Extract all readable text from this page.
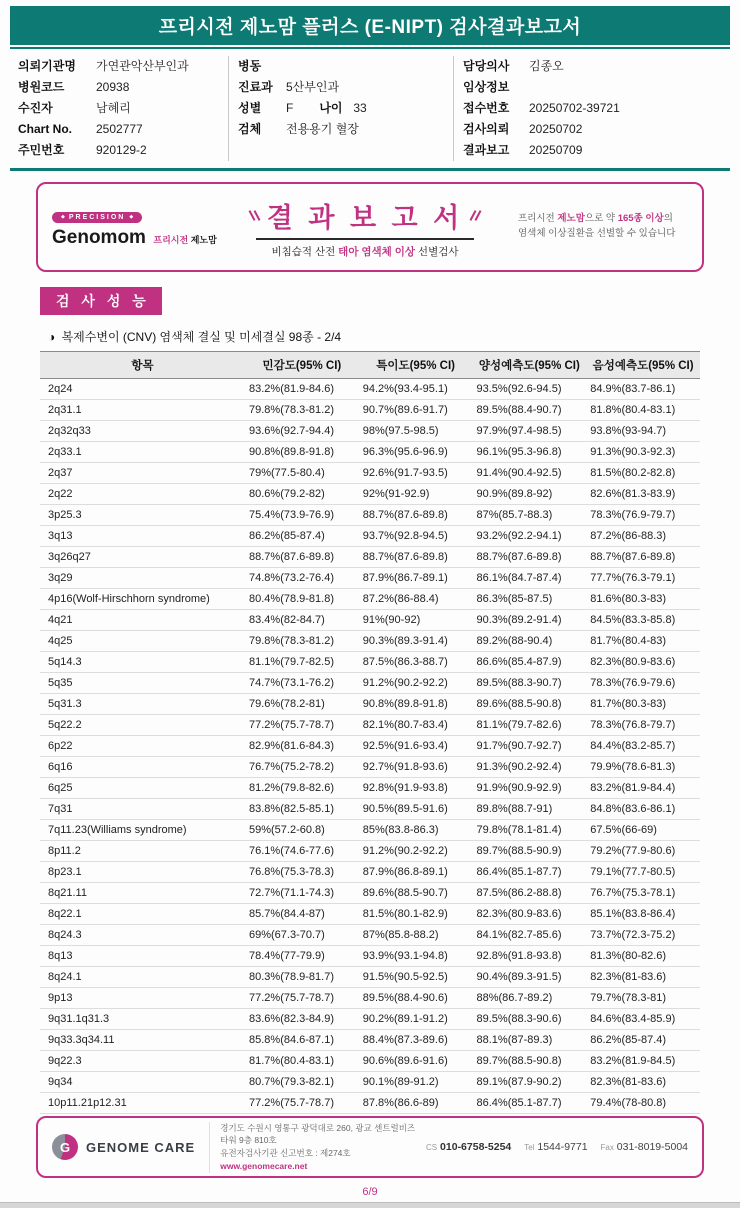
프리시전 제노맘 플러스 (E-NIPT) 검사결과보고서
의뢰기관명	가연관악산부인과
병원코드	20938
수진자	남혜리
Chart No.	2502777
주민번호	920129-2
병동
진료과	5산부인과
성별	F 나이 33
검체	전용용기 혈장
담당의사	김종오
임상정보
접수번호	20250702-39721
검사의뢰	20250702
결과보고	20250709
◆ PRECISION ◆
Genomom 프리시전 제노맘
결 과 보 고 서
비침습적 산전 태아 염색체 이상 선별검사
프리시전 제노맘으로 약 165종 이상의
염색체 이상질환을 선별할 수 있습니다
검 사 성 능
◑ 복제수변이 (CNV) 염색체 결실 및 미세결실 98종 - 2/4
항목	민감도(95% CI)	특이도(95% CI)	양성예측도(95% CI)	음성예측도(95% CI)
2q24	83.2%(81.9-84.6)	94.2%(93.4-95.1)	93.5%(92.6-94.5)	84.9%(83.7-86.1)
2q31.1	79.8%(78.3-81.2)	90.7%(89.6-91.7)	89.5%(88.4-90.7)	81.8%(80.4-83.1)
2q32q33	93.6%(92.7-94.4)	98%(97.5-98.5)	97.9%(97.4-98.5)	93.8%(93-94.7)
2q33.1	90.8%(89.8-91.8)	96.3%(95.6-96.9)	96.1%(95.3-96.8)	91.3%(90.3-92.3)
2q37	79%(77.5-80.4)	92.6%(91.7-93.5)	91.4%(90.4-92.5)	81.5%(80.2-82.8)
2q22	80.6%(79.2-82)	92%(91-92.9)	90.9%(89.8-92)	82.6%(81.3-83.9)
3p25.3	75.4%(73.9-76.9)	88.7%(87.6-89.8)	87%(85.7-88.3)	78.3%(76.9-79.7)
3q13	86.2%(85-87.4)	93.7%(92.8-94.5)	93.2%(92.2-94.1)	87.2%(86-88.3)
3q26q27	88.7%(87.6-89.8)	88.7%(87.6-89.8)	88.7%(87.6-89.8)	88.7%(87.6-89.8)
3q29	74.8%(73.2-76.4)	87.9%(86.7-89.1)	86.1%(84.7-87.4)	77.7%(76.3-79.1)
4p16(Wolf-Hirschhorn syndrome)	80.4%(78.9-81.8)	87.2%(86-88.4)	86.3%(85-87.5)	81.6%(80.3-83)
4q21	83.4%(82-84.7)	91%(90-92)	90.3%(89.2-91.4)	84.5%(83.3-85.8)
4q25	79.8%(78.3-81.2)	90.3%(89.3-91.4)	89.2%(88-90.4)	81.7%(80.4-83)
5q14.3	81.1%(79.7-82.5)	87.5%(86.3-88.7)	86.6%(85.4-87.9)	82.3%(80.9-83.6)
5q35	74.7%(73.1-76.2)	91.2%(90.2-92.2)	89.5%(88.3-90.7)	78.3%(76.9-79.6)
5q31.3	79.6%(78.2-81)	90.8%(89.8-91.8)	89.6%(88.5-90.8)	81.7%(80.3-83)
5q22.2	77.2%(75.7-78.7)	82.1%(80.7-83.4)	81.1%(79.7-82.6)	78.3%(76.8-79.7)
6p22	82.9%(81.6-84.3)	92.5%(91.6-93.4)	91.7%(90.7-92.7)	84.4%(83.2-85.7)
6q16	76.7%(75.2-78.2)	92.7%(91.8-93.6)	91.3%(90.2-92.4)	79.9%(78.6-81.3)
6q25	81.2%(79.8-82.6)	92.8%(91.9-93.8)	91.9%(90.9-92.9)	83.2%(81.9-84.4)
7q31	83.8%(82.5-85.1)	90.5%(89.5-91.6)	89.8%(88.7-91)	84.8%(83.6-86.1)
7q11.23(Williams syndrome)	59%(57.2-60.8)	85%(83.8-86.3)	79.8%(78.1-81.4)	67.5%(66-69)
8p11.2	76.1%(74.6-77.6)	91.2%(90.2-92.2)	89.7%(88.5-90.9)	79.2%(77.9-80.6)
8p23.1	76.8%(75.3-78.3)	87.9%(86.8-89.1)	86.4%(85.1-87.7)	79.1%(77.7-80.5)
8q21.11	72.7%(71.1-74.3)	89.6%(88.5-90.7)	87.5%(86.2-88.8)	76.7%(75.3-78.1)
8q22.1	85.7%(84.4-87)	81.5%(80.1-82.9)	82.3%(80.9-83.6)	85.1%(83.8-86.4)
8q24.3	69%(67.3-70.7)	87%(85.8-88.2)	84.1%(82.7-85.6)	73.7%(72.3-75.2)
8q13	78.4%(77-79.9)	93.9%(93.1-94.8)	92.8%(91.8-93.8)	81.3%(80-82.6)
8q24.1	80.3%(78.9-81.7)	91.5%(90.5-92.5)	90.4%(89.3-91.5)	82.3%(81-83.6)
9p13	77.2%(75.7-78.7)	89.5%(88.4-90.6)	88%(86.7-89.2)	79.7%(78.3-81)
9q31.1q31.3	83.6%(82.3-84.9)	90.2%(89.1-91.2)	89.5%(88.3-90.6)	84.6%(83.4-85.9)
9q33.3q34.11	85.8%(84.6-87.1)	88.4%(87.3-89.6)	88.1%(87-89.3)	86.2%(85-87.4)
9q22.3	81.7%(80.4-83.1)	90.6%(89.6-91.6)	89.7%(88.5-90.8)	83.2%(81.9-84.5)
9q34	80.7%(79.3-82.1)	90.1%(89-91.2)	89.1%(87.9-90.2)	82.3%(81-83.6)
10p11.21p12.31	77.2%(75.7-78.7)	87.8%(86.6-89)	86.4%(85.1-87.7)	79.4%(78-80.8)
G GENOME CARE
경기도 수원시 영통구 광덕대로 260, 광교 센트럴비즈타워 9층 810호
유전자검사기관 신고번호 : 제274호
www.genomecare.net
CS 010-6758-5254 Tel 1544-9771 Fax 031-8019-5004
6/9
